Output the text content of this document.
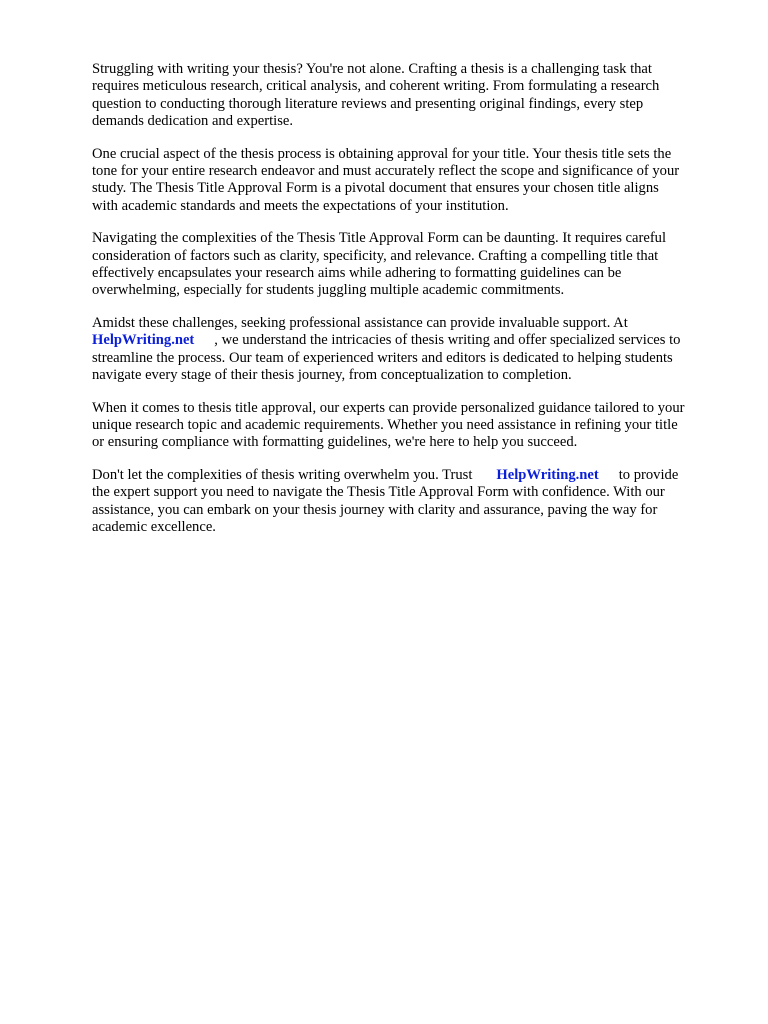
Struggling with writing your thesis? You're not alone. Crafting a thesis is a challenging task that
requires meticulous research, critical analysis, and coherent writing. From formulating a research
question to conducting thorough literature reviews and presenting original findings, every step
demands dedication and expertise.

One crucial aspect of the thesis process is obtaining approval for your title. Your thesis title sets the
tone for your entire research endeavor and must accurately reflect the scope and significance of your
study. The Thesis Title Approval Form is a pivotal document that ensures your chosen title aligns
with academic standards and meets the expectations of your institution.

Navigating the complexities of the Thesis Title Approval Form can be daunting. It requires careful
consideration of factors such as clarity, specificity, and relevance. Crafting a compelling title that
effectively encapsulates your research aims while adhering to formatting guidelines can be
overwhelming, especially for students juggling multiple academic commitments.

Amidst these challenges, seeking professional assistance can provide invaluable support. At
HelpWriting.net , we understand the intricacies of thesis writing and offer specialized services to
streamline the process. Our team of experienced writers and editors is dedicated to helping students
navigate every stage of their thesis journey, from conceptualization to completion.

When it comes to thesis title approval, our experts can provide personalized guidance tailored to your
unique research topic and academic requirements. Whether you need assistance in refining your title
or ensuring compliance with formatting guidelines, we're here to help you succeed.

Don't let the complexities of thesis writing overwhelm you. Trust HelpWriting.net to provide
the expert support you need to navigate the Thesis Title Approval Form with confidence. With our
assistance, you can embark on your thesis journey with clarity and assurance, paving the way for
academic excellence.
